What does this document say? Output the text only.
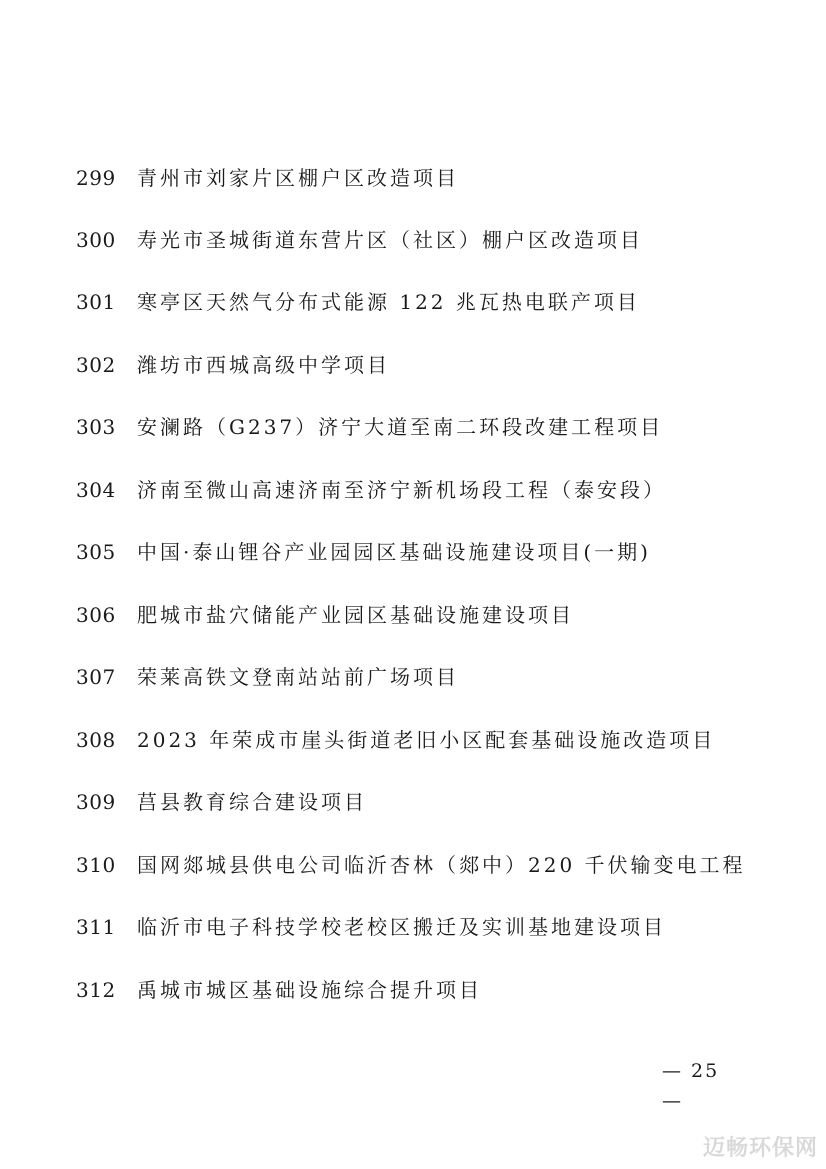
299 青州市刘家片区棚户区改造项目
300 寿光市圣城街道东营片区（社区）棚户区改造项目
301 寒亭区天然气分布式能源 122 兆瓦热电联产项目
302 潍坊市西城高级中学项目
303 安澜路（G237）济宁大道至南二环段改建工程项目
304 济南至微山高速济南至济宁新机场段工程（泰安段）
305 中国·泰山锂谷产业园园区基础设施建设项目(一期)
306 肥城市盐穴储能产业园区基础设施建设项目
307 荣莱高铁文登南站站前广场项目
308 2023 年荣成市崖头街道老旧小区配套基础设施改造项目
309 莒县教育综合建设项目
310 国网郯城县供电公司临沂杏林（郯中）220 千伏输变电工程
311 临沂市电子科技学校老校区搬迁及实训基地建设项目
312 禹城市城区基础设施综合提升项目
— 25 —
迈畅环保网
